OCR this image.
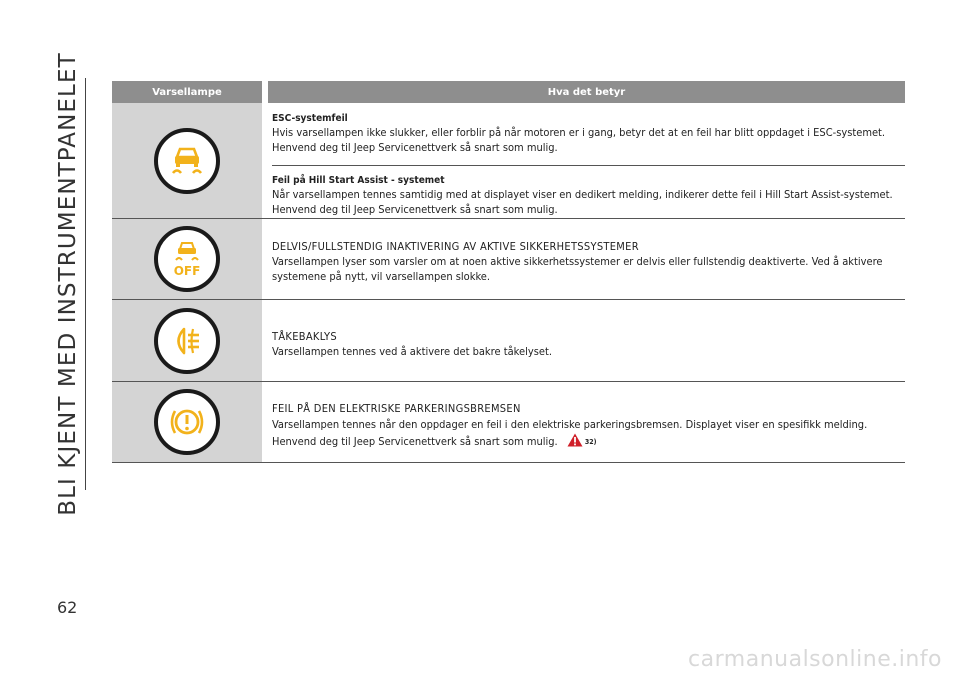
BLI KJENT MED INSTRUMENTPANELET
62
Varsellampe	Hva det betyr
ESC-systemfeil
Hvis varsellampen ikke slukker, eller forblir på når motoren er i gang, betyr det at en feil har blitt oppdaget i ESC-systemet. Henvend deg til Jeep Servicenettverk så snart som mulig.
Feil på Hill Start Assist - systemet
Når varsellampen tennes samtidig med at displayet viser en dedikert melding, indikerer dette feil i Hill Start Assist-systemet. Henvend deg til Jeep Servicenettverk så snart som mulig.
OFF
DELVIS/FULLSTENDIG INAKTIVERING AV AKTIVE SIKKERHETSSYSTEMER
Varsellampen lyser som varsler om at noen aktive sikkerhetssystemer er delvis eller fullstendig deaktiverte. Ved å aktivere systemene på nytt, vil varsellampen slokke.
TÅKEBAKLYS
Varsellampen tennes ved å aktivere det bakre tåkelyset.
FEIL PÅ DEN ELEKTRISKE PARKERINGSBREMSEN
Varsellampen tennes når den oppdager en feil i den elektriske parkeringsbremsen. Displayet viser en spesifikk melding. Henvend deg til Jeep Servicenettverk så snart som mulig.	32)
carmanualsonline.info
